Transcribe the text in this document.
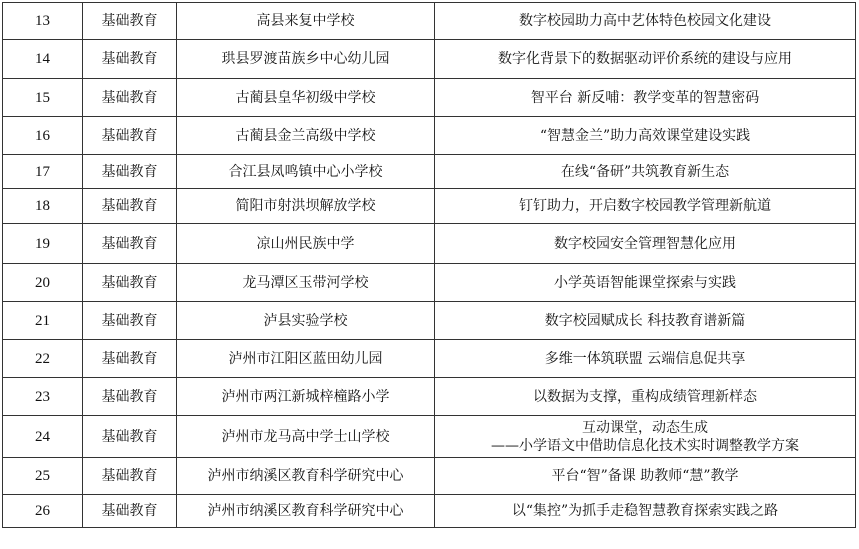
13	基础教育	高县来复中学校	数字校园助力高中艺体特色校园文化建设

14	基础教育	珙县罗渡苗族乡中心幼儿园	数字化背景下的数据驱动评价系统的建设与应用

15	基础教育	古蔺县皇华初级中学校	智平台 新反哺：教学变革的智慧密码

16	基础教育	古蔺县金兰高级中学校	“智慧金兰”助力高效课堂建设实践

17	基础教育	合江县凤鸣镇中心小学校	在线“备研”共筑教育新生态

18	基础教育	简阳市射洪坝解放学校	钉钉助力，开启数字校园教学管理新航道

19	基础教育	凉山州民族中学	数字校园安全管理智慧化应用

20	基础教育	龙马潭区玉带河学校	小学英语智能课堂探索与实践

21	基础教育	泸县实验学校	数字校园赋成长 科技教育谱新篇

22	基础教育	泸州市江阳区蓝田幼儿园	多维一体筑联盟 云端信息促共享

23	基础教育	泸州市两江新城梓橦路小学	以数据为支撑，重构成绩管理新样态

24	基础教育	泸州市龙马高中学士山学校	互动课堂，动态生成
——小学语文中借助信息化技术实时调整教学方案

25	基础教育	泸州市纳溪区教育科学研究中心	平台“智”备课 助教师“慧”教学

26	基础教育	泸州市纳溪区教育科学研究中心	以“集控”为抓手走稳智慧教育探索实践之路
